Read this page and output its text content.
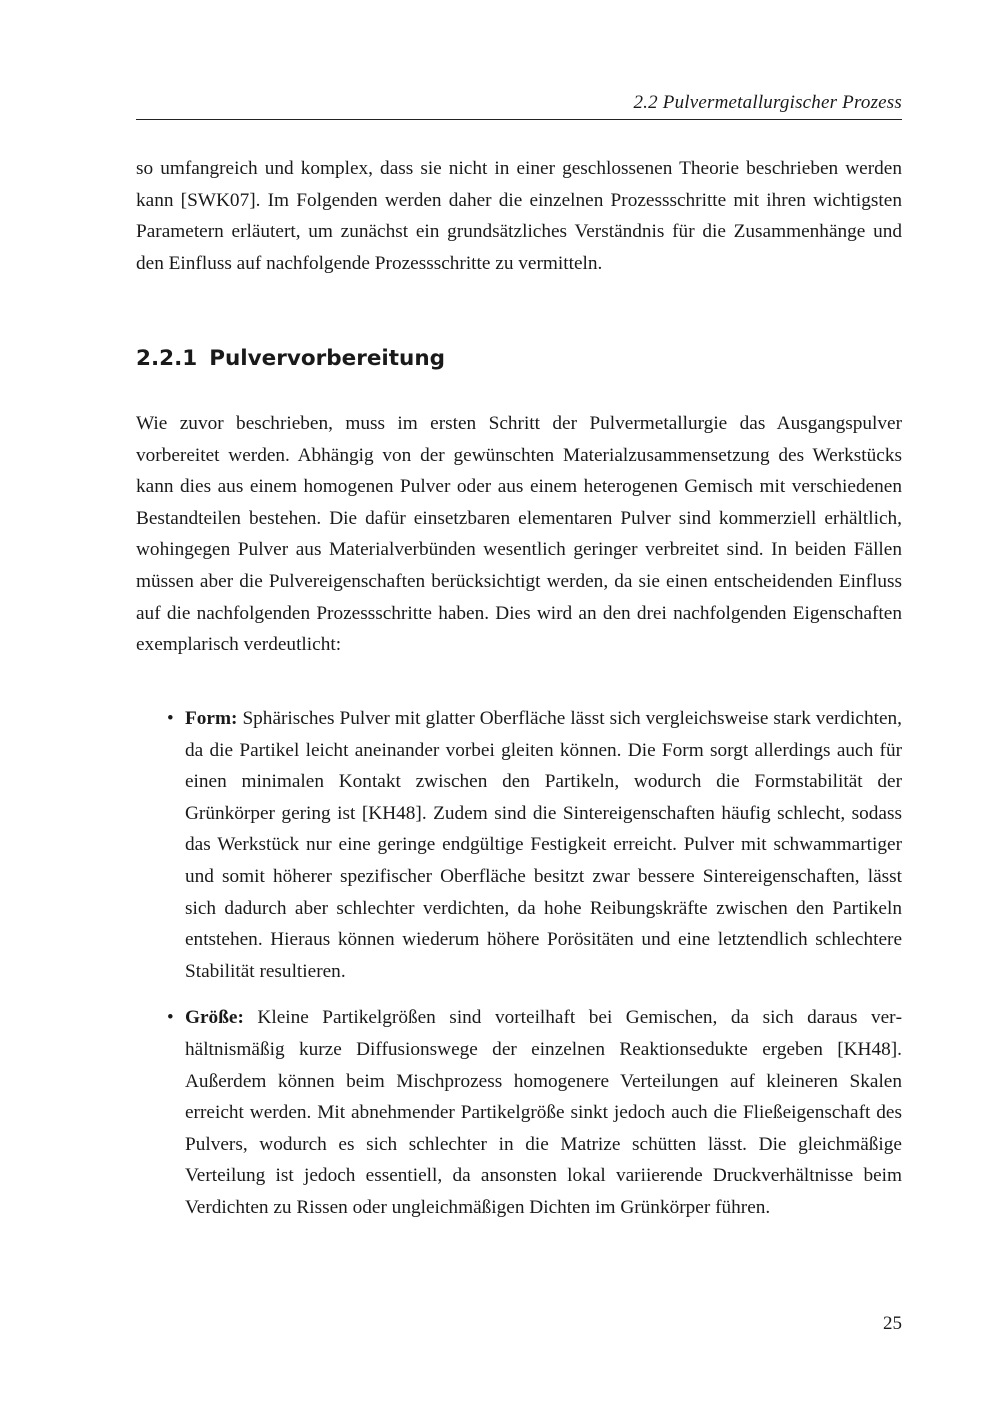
2.2 Pulvermetallurgischer Prozess

so umfangreich und komplex, dass sie nicht in einer geschlossenen Theorie beschrieben werden kann [SWK07]. Im Folgenden werden daher die einzelnen Prozessschritte mit ihren wichtigsten Parametern erläutert, um zunächst ein grundsätzliches Verständnis für die Zusammenhänge und den Einfluss auf nachfolgende Prozessschritte zu vermitteln.

2.2.1 Pulvervorbereitung

Wie zuvor beschrieben, muss im ersten Schritt der Pulvermetallurgie das Ausgangspulver vorbereitet werden. Abhängig von der gewünschten Materialzusammensetzung des Werkstücks kann dies aus einem homogenen Pulver oder aus einem heterogenen Gemisch mit verschiedenen Bestandteilen bestehen. Die dafür einsetzbaren elementaren Pulver sind kommerziell erhältlich, wohingegen Pulver aus Materialverbünden wesentlich geringer verbreitet sind. In beiden Fällen müssen aber die Pulvereigenschaften berücksichtigt werden, da sie einen entscheidenden Einfluss auf die nachfolgenden Prozessschritte haben. Dies wird an den drei nachfolgenden Eigenschaften exemplarisch verdeutlicht:

• Form: Sphärisches Pulver mit glatter Oberfläche lässt sich vergleichsweise stark verdichten, da die Partikel leicht aneinander vorbei gleiten können. Die Form sorgt allerdings auch für einen minimalen Kontakt zwischen den Partikeln, wodurch die Formstabilität der Grünkörper gering ist [KH48]. Zudem sind die Sintereigenschaften häufig schlecht, sodass das Werkstück nur eine geringe endgültige Festigkeit erreicht. Pulver mit schwammartiger und somit höherer spezifischer Oberfläche besitzt zwar bessere Sintereigenschaften, lässt sich dadurch aber schlechter verdichten, da hohe Reibungskräfte zwischen den Partikeln entstehen. Hieraus können wiederum höhere Porösitäten und eine letztendlich schlechtere Stabilität resultieren.
• Größe: Kleine Partikelgrößen sind vorteilhaft bei Gemischen, da sich daraus verhältnismäßig kurze Diffusionswege der einzelnen Reaktionsedukte ergeben [KH48]. Außerdem können beim Mischprozess homogenere Verteilungen auf kleineren Skalen erreicht werden. Mit abnehmender Partikelgröße sinkt jedoch auch die Fließeigenschaft des Pulvers, wodurch es sich schlechter in die Matrize schütten lässt. Die gleichmäßige Verteilung ist jedoch essentiell, da ansonsten lokal variierende Druckverhältnisse beim Verdichten zu Rissen oder ungleichmäßigen Dichten im Grünkörper führen.
25
